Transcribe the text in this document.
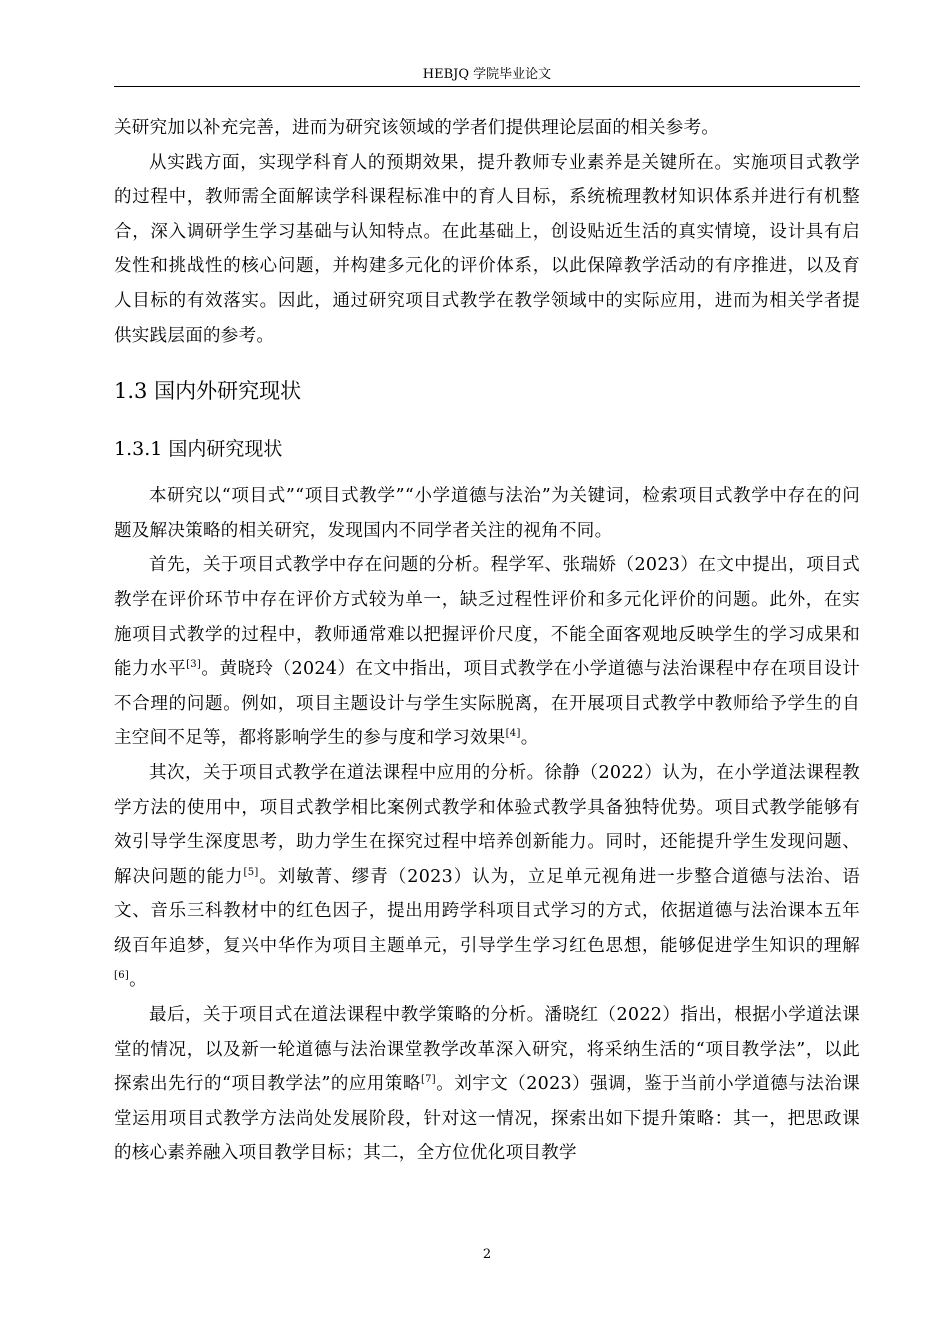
HEBJQ 学院毕业论文

关研究加以补充完善，进而为研究该领域的学者们提供理论层面的相关参考。

从实践方面，实现学科育人的预期效果，提升教师专业素养是关键所在。实施项目式教学的过程中，教师需全面解读学科课程标准中的育人目标，系统梳理教材知识体系并进行有机整合，深入调研学生学习基础与认知特点。在此基础上，创设贴近生活的真实情境，设计具有启发性和挑战性的核心问题，并构建多元化的评价体系，以此保障教学活动的有序推进，以及育人目标的有效落实。因此，通过研究项目式教学在教学领域中的实际应用，进而为相关学者提供实践层面的参考。

1.3 国内外研究现状
1.3.1 国内研究现状

本研究以“项目式”“项目式教学”“小学道德与法治”为关键词，检索项目式教学中存在的问题及解决策略的相关研究，发现国内不同学者关注的视角不同。

首先，关于项目式教学中存在问题的分析。程学军、张瑞娇（2023）在文中提出，项目式教学在评价环节中存在评价方式较为单一，缺乏过程性评价和多元化评价的问题。此外，在实施项目式教学的过程中，教师通常难以把握评价尺度，不能全面客观地反映学生的学习成果和能力水平[3]。黄晓玲（2024）在文中指出，项目式教学在小学道德与法治课程中存在项目设计不合理的问题。例如，项目主题设计与学生实际脱离，在开展项目式教学中教师给予学生的自主空间不足等，都将影响学生的参与度和学习效果[4]。

其次，关于项目式教学在道法课程中应用的分析。徐静（2022）认为，在小学道法课程教学方法的使用中，项目式教学相比案例式教学和体验式教学具备独特优势。项目式教学能够有效引导学生深度思考，助力学生在探究过程中培养创新能力。同时，还能提升学生发现问题、解决问题的能力[5]。刘敏菁、缪青（2023）认为，立足单元视角进一步整合道德与法治、语文、音乐三科教材中的红色因子，提出用跨学科项目式学习的方式，依据道德与法治课本五年级百年追梦，复兴中华作为项目主题单元，引导学生学习红色思想，能够促进学生知识的理解[6]。

最后，关于项目式在道法课程中教学策略的分析。潘晓红（2022）指出，根据小学道法课堂的情况，以及新一轮道德与法治课堂教学改革深入研究，将采纳生活的“项目教学法”，以此探索出先行的“项目教学法”的应用策略[7]。刘宇文（2023）强调，鉴于当前小学道德与法治课堂运用项目式教学方法尚处发展阶段，针对这一情况，探索出如下提升策略：其一，把思政课的核心素养融入项目教学目标；其二，全方位优化项目教学

2
